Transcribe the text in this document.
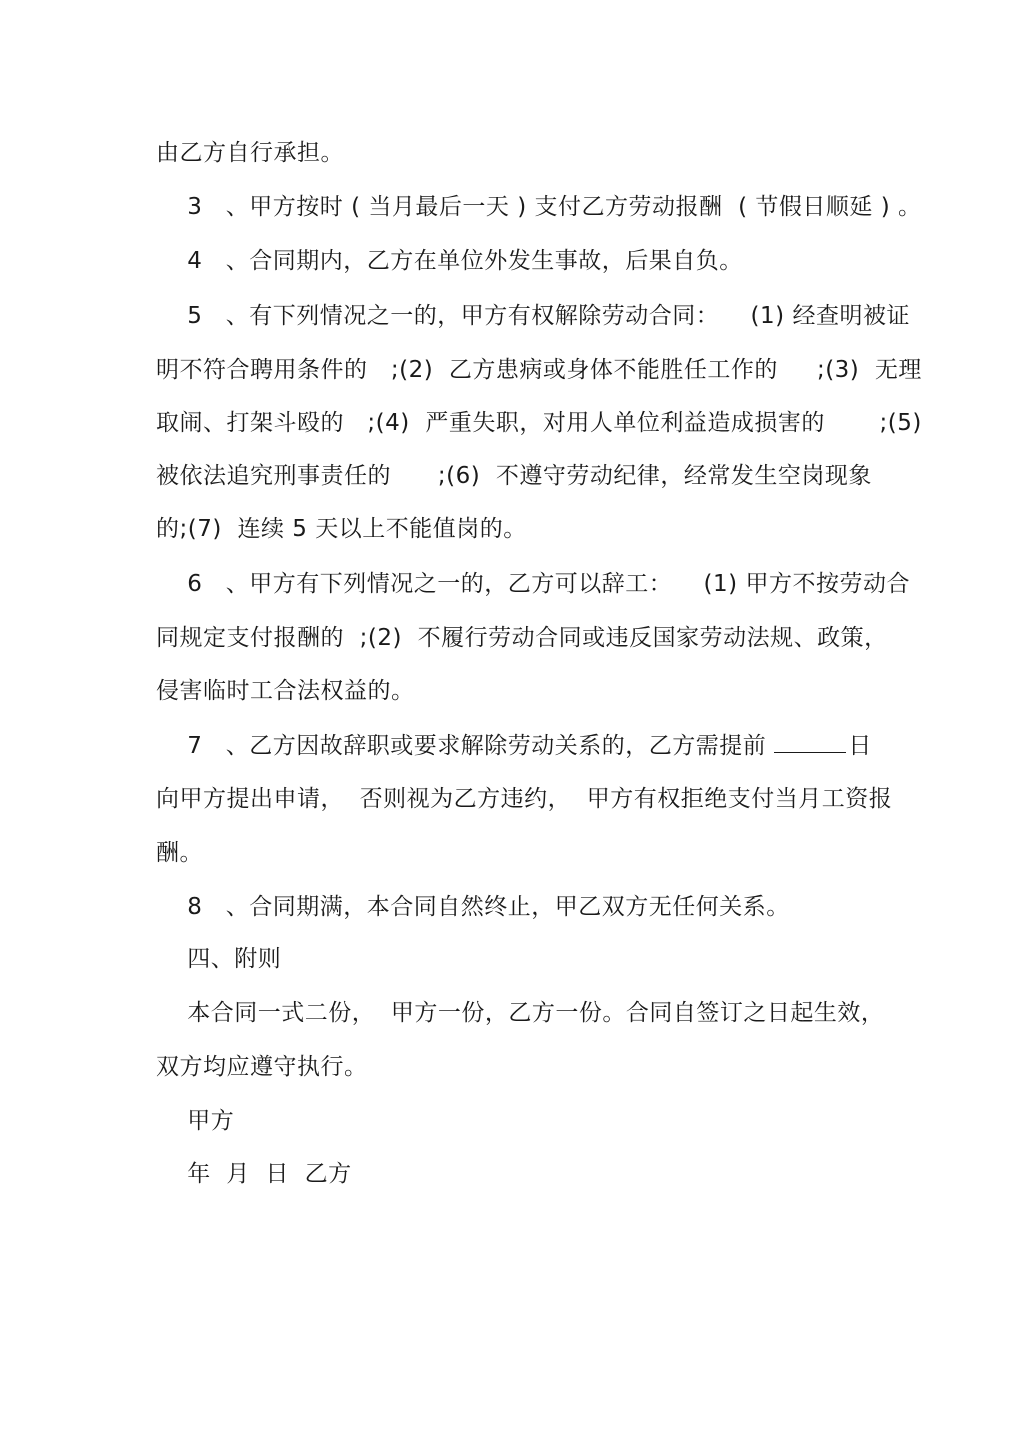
由乙方自行承担。
3   、甲方按时 ( 当月最后一天 ) 支付乙方劳动报酬  ( 节假日顺延 ) 。
4   、合同期内，乙方在单位外发生事故，后果自负。
5   、有下列情况之一的，甲方有权解除劳动合同：    (1) 经查明被证
明不符合聘用条件的   ;(2)  乙方患病或身体不能胜任工作的     ;(3)  无理
取闹、打架斗殴的   ;(4)  严重失职，对用人单位利益造成损害的       ;(5)
被依法追究刑事责任的      ;(6)  不遵守劳动纪律，经常发生空岗现象
的;(7)  连续 5 天以上不能值岗的。
6   、甲方有下列情况之一的，乙方可以辞工：    (1) 甲方不按劳动合
同规定支付报酬的  ;(2)  不履行劳动合同或违反国家劳动法规、政策，
侵害临时工合法权益的。
7   、乙方因故辞职或要求解除劳动关系的，乙方需提前	日
向甲方提出申请，  否则视为乙方违约，  甲方有权拒绝支付当月工资报
酬。
8   、合同期满，本合同自然终止，甲乙双方无任何关系。
四、附则
本合同一式二份，  甲方一份，乙方一份。合同自签订之日起生效，
双方均应遵守执行。
甲方
年  月  日  乙方
